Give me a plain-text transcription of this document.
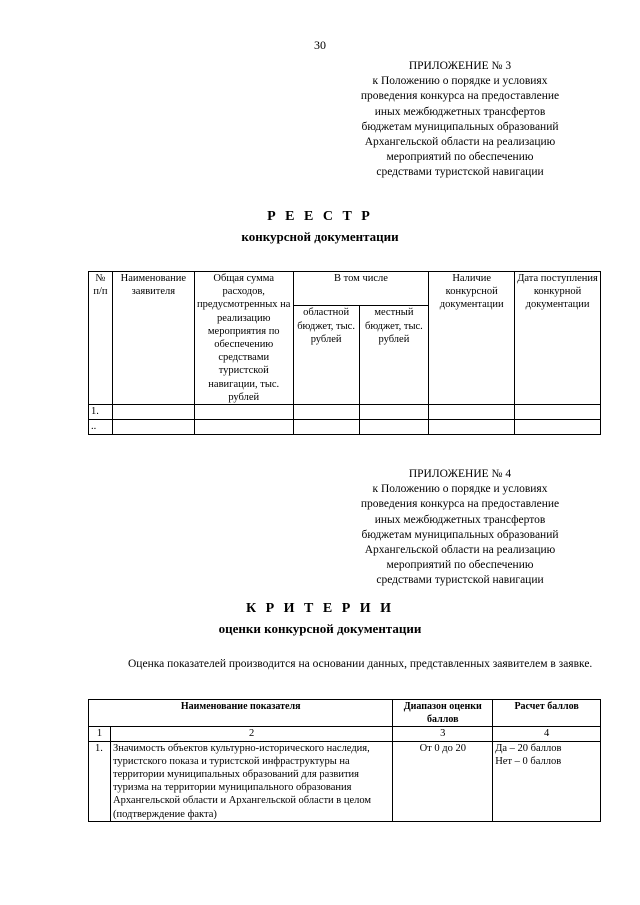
30
ПРИЛОЖЕНИЕ № 3
к Положению о порядке и условиях
проведения конкурса на предоставление
иных межбюджетных трансфертов
бюджетам муниципальных образований
Архангельской области на реализацию
мероприятий по обеспечению
средствами туристской навигации
Р Е Е С Т Р
конкурсной документации
№ п/п	Наименование заявителя	Общая сумма расходов, предусмотренных на реализацию мероприятия по обеспечению средствами туристской навигации, тыс. рублей	В том числе		Наличие конкурсной документации	Дата поступления конкурной документации
			областной бюджет, тыс. рублей	местный бюджет, тыс. рублей		
1.						
..						
ПРИЛОЖЕНИЕ № 4
к Положению о порядке и условиях
проведения конкурса на предоставление
иных межбюджетных трансфертов
бюджетам муниципальных образований
Архангельской области на реализацию
мероприятий по обеспечению
средствами туристской навигации
К Р И Т Е Р И И
оценки конкурсной документации
Оценка показателей производится на основании данных, представленных заявителем в заявке.
Наименование показателя		Диапазон оценки баллов	Расчет баллов
1	2	3	4
1.	Значимость объектов культурно-исторического наследия, туристского показа и туристской инфраструктуры на территории муниципальных образований для развития туризма на территории муниципального образования Архангельской области и Архангельской области в целом (подтверждение факта)	От 0 до 20	Да – 20 баллов
Нет – 0 баллов
